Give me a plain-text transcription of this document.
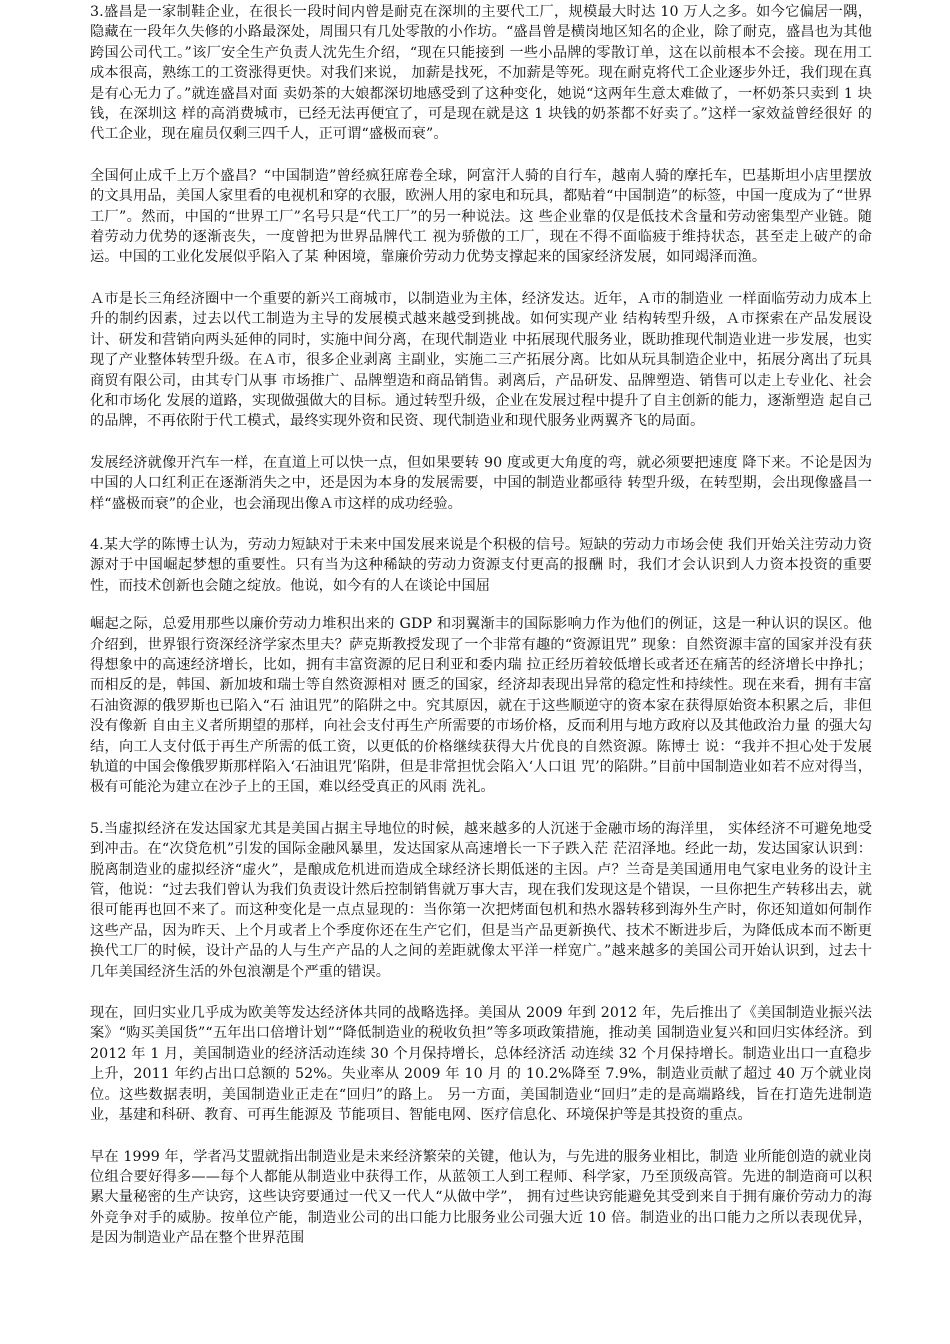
3.盛昌是一家制鞋企业，在很长一段时间内曾是耐克在深圳的主要代工厂，规模最大时达 10 万人之多。如今它偏居一隅，隐藏在一段年久失修的小路最深处，周围只有几处零散的小作坊。“盛昌曾是横岗地区知名的企业，除了耐克，盛昌也为其他跨国公司代工。”该厂安全生产负责人沈先生介绍，“现在只能接到 一些小品牌的零散订单，这在以前根本不会接。现在用工成本很高，熟练工的工资涨得更快。对我们来说， 加薪是找死，不加薪是等死。现在耐克将代工企业逐步外迁，我们现在真是有心无力了。”就连盛昌对面 卖奶茶的大娘都深切地感受到了这种变化，她说“这两年生意太难做了，一杯奶茶只卖到 1 块钱，在深圳这 样的高消费城市，已经无法再便宜了，可是现在就是这 1 块钱的奶茶都不好卖了。”这样一家效益曾经很好 的代工企业，现在雇员仅剩三四千人，正可谓“盛极而衰”。

全国何止成千上万个盛昌？“中国制造”曾经疯狂席卷全球，阿富汗人骑的自行车，越南人骑的摩托车，巴基斯坦小店里摆放的文具用品，美国人家里看的电视机和穿的衣服，欧洲人用的家电和玩具，都贴着“中国制造”的标签，中国一度成为了“世界工厂”。然而，中国的“世界工厂”名号只是“代工厂”的另一种说法。这 些企业靠的仅是低技术含量和劳动密集型产业链。随着劳动力优势的逐渐丧失，一度曾把为世界品牌代工 视为骄傲的工厂，现在不得不面临疲于维持状态，甚至走上破产的命运。中国的工业化发展似乎陷入了某 种困境，靠廉价劳动力优势支撑起来的国家经济发展，如同竭泽而渔。

Ａ市是长三角经济圈中一个重要的新兴工商城市，以制造业为主体，经济发达。近年，Ａ市的制造业 一样面临劳动力成本上升的制约因素，过去以代工制造为主导的发展模式越来越受到挑战。如何实现产业 结构转型升级，Ａ市探索在产品发展设计、研发和营销向两头延伸的同时，实施中间分离，在现代制造业 中拓展现代服务业，既助推现代制造业进一步发展，也实现了产业整体转型升级。在Ａ市，很多企业剥离 主副业，实施二三产拓展分离。比如从玩具制造企业中，拓展分离出了玩具商贸有限公司，由其专门从事 市场推广、品牌塑造和商品销售。剥离后，产品研发、品牌塑造、销售可以走上专业化、社会化和市场化 发展的道路，实现做强做大的目标。通过转型升级，企业在发展过程中提升了自主创新的能力，逐渐塑造 起自己的品牌，不再依附于代工模式，最终实现外资和民资、现代制造业和现代服务业两翼齐飞的局面。

发展经济就像开汽车一样，在直道上可以快一点，但如果要转 90 度或更大角度的弯，就必须要把速度 降下来。不论是因为中国的人口红利正在逐渐消失之中，还是因为本身的发展需要，中国的制造业都亟待 转型升级，在转型期，会出现像盛昌一样“盛极而衰”的企业，也会涌现出像Ａ市这样的成功经验。

4.某大学的陈博士认为，劳动力短缺对于未来中国发展来说是个积极的信号。短缺的劳动力市场会使 我们开始关注劳动力资源对于中国崛起梦想的重要性。只有当为这种稀缺的劳动力资源支付更高的报酬 时，我们才会认识到人力资本投资的重要性，而技术创新也会随之绽放。他说，如今有的人在谈论中国屈

崛起之际，总爱用那些以廉价劳动力堆积出来的 GDP 和羽翼渐丰的国际影响力作为他们的例证，这是一种认识的误区。他介绍到，世界银行资深经济学家杰里夫？萨克斯教授发现了一个非常有趣的“资源诅咒” 现象：自然资源丰富的国家并没有获得想象中的高速经济增长，比如，拥有丰富资源的尼日利亚和委内瑞 拉正经历着较低增长或者还在痛苦的经济增长中挣扎；而相反的是，韩国、新加坡和瑞士等自然资源相对 匮乏的国家，经济却表现出异常的稳定性和持续性。现在来看，拥有丰富石油资源的俄罗斯也已陷入“石 油诅咒”的陷阱之中。究其原因，就在于这些顺逆守的资本家在获得原始资本积累之后，非但没有像新 自由主义者所期望的那样，向社会支付再生产所需要的市场价格，反而利用与地方政府以及其他政治力量 的强大勾结，向工人支付低于再生产所需的低工资，以更低的价格继续获得大片优良的自然资源。陈博士 说：“我并不担心处于发展轨道的中国会像俄罗斯那样陷入‘石油诅咒’陷阱，但是非常担忧会陷入‘人口诅 咒’的陷阱。”目前中国制造业如若不应对得当，极有可能沦为建立在沙子上的王国，难以经受真正的风雨 洗礼。

5.当虚拟经济在发达国家尤其是美国占据主导地位的时候，越来越多的人沉迷于金融市场的海洋里， 实体经济不可避免地受到冲击。在“次贷危机”引发的国际金融风暴里，发达国家从高速增长一下子跌入茫 茫沼泽地。经此一劫，发达国家认识到：脱离制造业的虚拟经济“虚火”，是酿成危机进而造成全球经济长期低迷的主因。卢？兰奇是美国通用电气家电业务的设计主管，他说：“过去我们曾认为我们负责设计然后控制销售就万事大吉，现在我们发现这是个错误，一旦你把生产转移出去，就很可能再也回不来了。而这种变化是一点点显现的：当你第一次把烤面包机和热水器转移到海外生产时，你还知道如何制作这些产品，因为昨天、上个月或者上个季度你还在生产它们，但是当产品更新换代、技术不断进步后，为降低成本而不断更换代工厂的时候，设计产品的人与生产产品的人之间的差距就像太平洋一样宽广。”越来越多的美国公司开始认识到，过去十几年美国经济生活的外包浪潮是个严重的错误。

现在，回归实业几乎成为欧美等发达经济体共同的战略选择。美国从 2009 年到 2012 年，先后推出了《美国制造业振兴法案》“购买美国货”“五年出口倍增计划”“降低制造业的税收负担”等多项政策措施，推动美 国制造业复兴和回归实体经济。到 2012 年 1 月，美国制造业的经济活动连续 30 个月保持增长，总体经济活 动连续 32 个月保持增长。制造业出口一直稳步上升，2011 年约占出口总额的 52%。失业率从 2009 年 10 月 的 10.2%降至 7.9%，制造业贡献了超过 40 万个就业岗位。这些数据表明，美国制造业正走在“回归”的路上。 另一方面，美国制造业“回归”走的是高端路线，旨在打造先进制造业，基建和科研、教育、可再生能源及 节能项目、智能电网、医疗信息化、环境保护等是其投资的重点。

早在 1999 年，学者冯艾盟就指出制造业是未来经济繁荣的关键，他认为，与先进的服务业相比，制造 业所能创造的就业岗位组合要好得多——每个人都能从制造业中获得工作，从蓝领工人到工程师、科学家，乃至顶级高管。先进的制造商可以积累大量秘密的生产诀窍，这些诀窍要通过一代又一代人“从做中学”， 拥有过些诀窍能避免其受到来自于拥有廉价劳动力的海外竞争对手的威胁。按单位产能，制造业公司的出口能力比服务业公司强大近 10 倍。制造业的出口能力之所以表现优异，是因为制造业产品在整个世界范围
